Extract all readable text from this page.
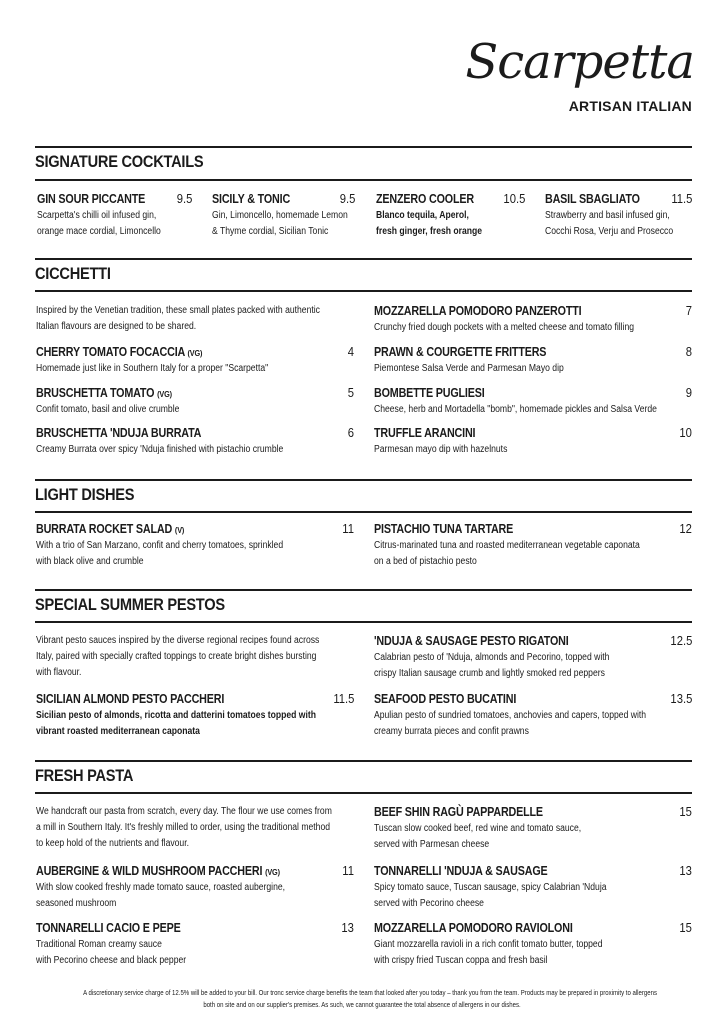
Scarpetta
ARTISAN ITALIAN
SIGNATURE COCKTAILS
GIN SOUR PICCANTE 9.5
Scarpetta's chilli oil infused gin,
orange mace cordial, Limoncello
SICILY & TONIC	9.5
Gin, Limoncello, homemade Lemon
& Thyme cordial, Sicilian Tonic
ZENZERO COOLER 10.5
Blanco tequila, Aperol,
fresh ginger, fresh orange
BASIL SBAGLIATO 11.5
Strawberry and basil infused gin,
Cocchi Rosa, Verju and Prosecco
CICCHETTI
Inspired by the Venetian tradition, these small plates packed with authentic
Italian flavours are designed to be shared.
CHERRY TOMATO FOCACCIA (VG)	4
Homemade just like in Southern Italy for a proper "Scarpetta"
BRUSCHETTA TOMATO (VG)	5
Confit tomato, basil and olive crumble
BRUSCHETTA 'NDUJA BURRATA	6
Creamy Burrata over spicy 'Nduja finished with pistachio crumble
MOZZARELLA POMODORO PANZEROTTI	7
Crunchy fried dough pockets with a melted cheese and tomato filling
PRAWN & COURGETTE FRITTERS	8
Piemontese Salsa Verde and Parmesan Mayo dip
BOMBETTE PUGLIESI	9
Cheese, herb and Mortadella "bomb", homemade pickles and Salsa Verde
TRUFFLE ARANCINI	10
Parmesan mayo dip with hazelnuts
LIGHT DISHES
BURRATA ROCKET SALAD (V)	11
With a trio of San Marzano, confit and cherry tomatoes, sprinkled
with black olive and crumble
PISTACHIO TUNA TARTARE	12
Citrus-marinated tuna and roasted mediterranean vegetable caponata
on a bed of pistachio pesto
SPECIAL SUMMER PESTOS
Vibrant pesto sauces inspired by the diverse regional recipes found across
Italy, paired with specially crafted toppings to create bright dishes bursting
with flavour.
SICILIAN ALMOND PESTO PACCHERI	11.5
Sicilian pesto of almonds, ricotta and datterini tomatoes topped with
vibrant roasted mediterranean caponata
'NDUJA & SAUSAGE PESTO RIGATONI	12.5
Calabrian pesto of 'Nduja, almonds and Pecorino, topped with
crispy Italian sausage crumb and lightly smoked red peppers
SEAFOOD PESTO BUCATINI	13.5
Apulian pesto of sundried tomatoes, anchovies and capers, topped with
creamy burrata pieces and confit prawns
FRESH PASTA
We handcraft our pasta from scratch, every day. The flour we use comes from
a mill in Southern Italy. It's freshly milled to order, using the traditional method
to keep hold of the nutrients and flavour.
AUBERGINE & WILD MUSHROOM PACCHERI (VG)	11
With slow cooked freshly made tomato sauce, roasted aubergine,
seasoned mushroom
TONNARELLI CACIO E PEPE	13
Traditional Roman creamy sauce
with Pecorino cheese and black pepper
BEEF SHIN RAGÙ PAPPARDELLE	15
Tuscan slow cooked beef, red wine and tomato sauce,
served with Parmesan cheese
TONNARELLI 'NDUJA & SAUSAGE	13
Spicy tomato sauce, Tuscan sausage, spicy Calabrian 'Nduja
served with Pecorino cheese
MOZZARELLA POMODORO RAVIOLONI	15
Giant mozzarella ravioli in a rich confit tomato butter, topped
with crispy fried Tuscan coppa and fresh basil
A discretionary service charge of 12.5% will be added to your bill. Our tronc service charge benefits the team that looked after you today – thank you from the team. Products may be prepared in proximity to allergens
both on site and on our supplier's premises. As such, we cannot guarantee the total absence of allergens in our dishes.
